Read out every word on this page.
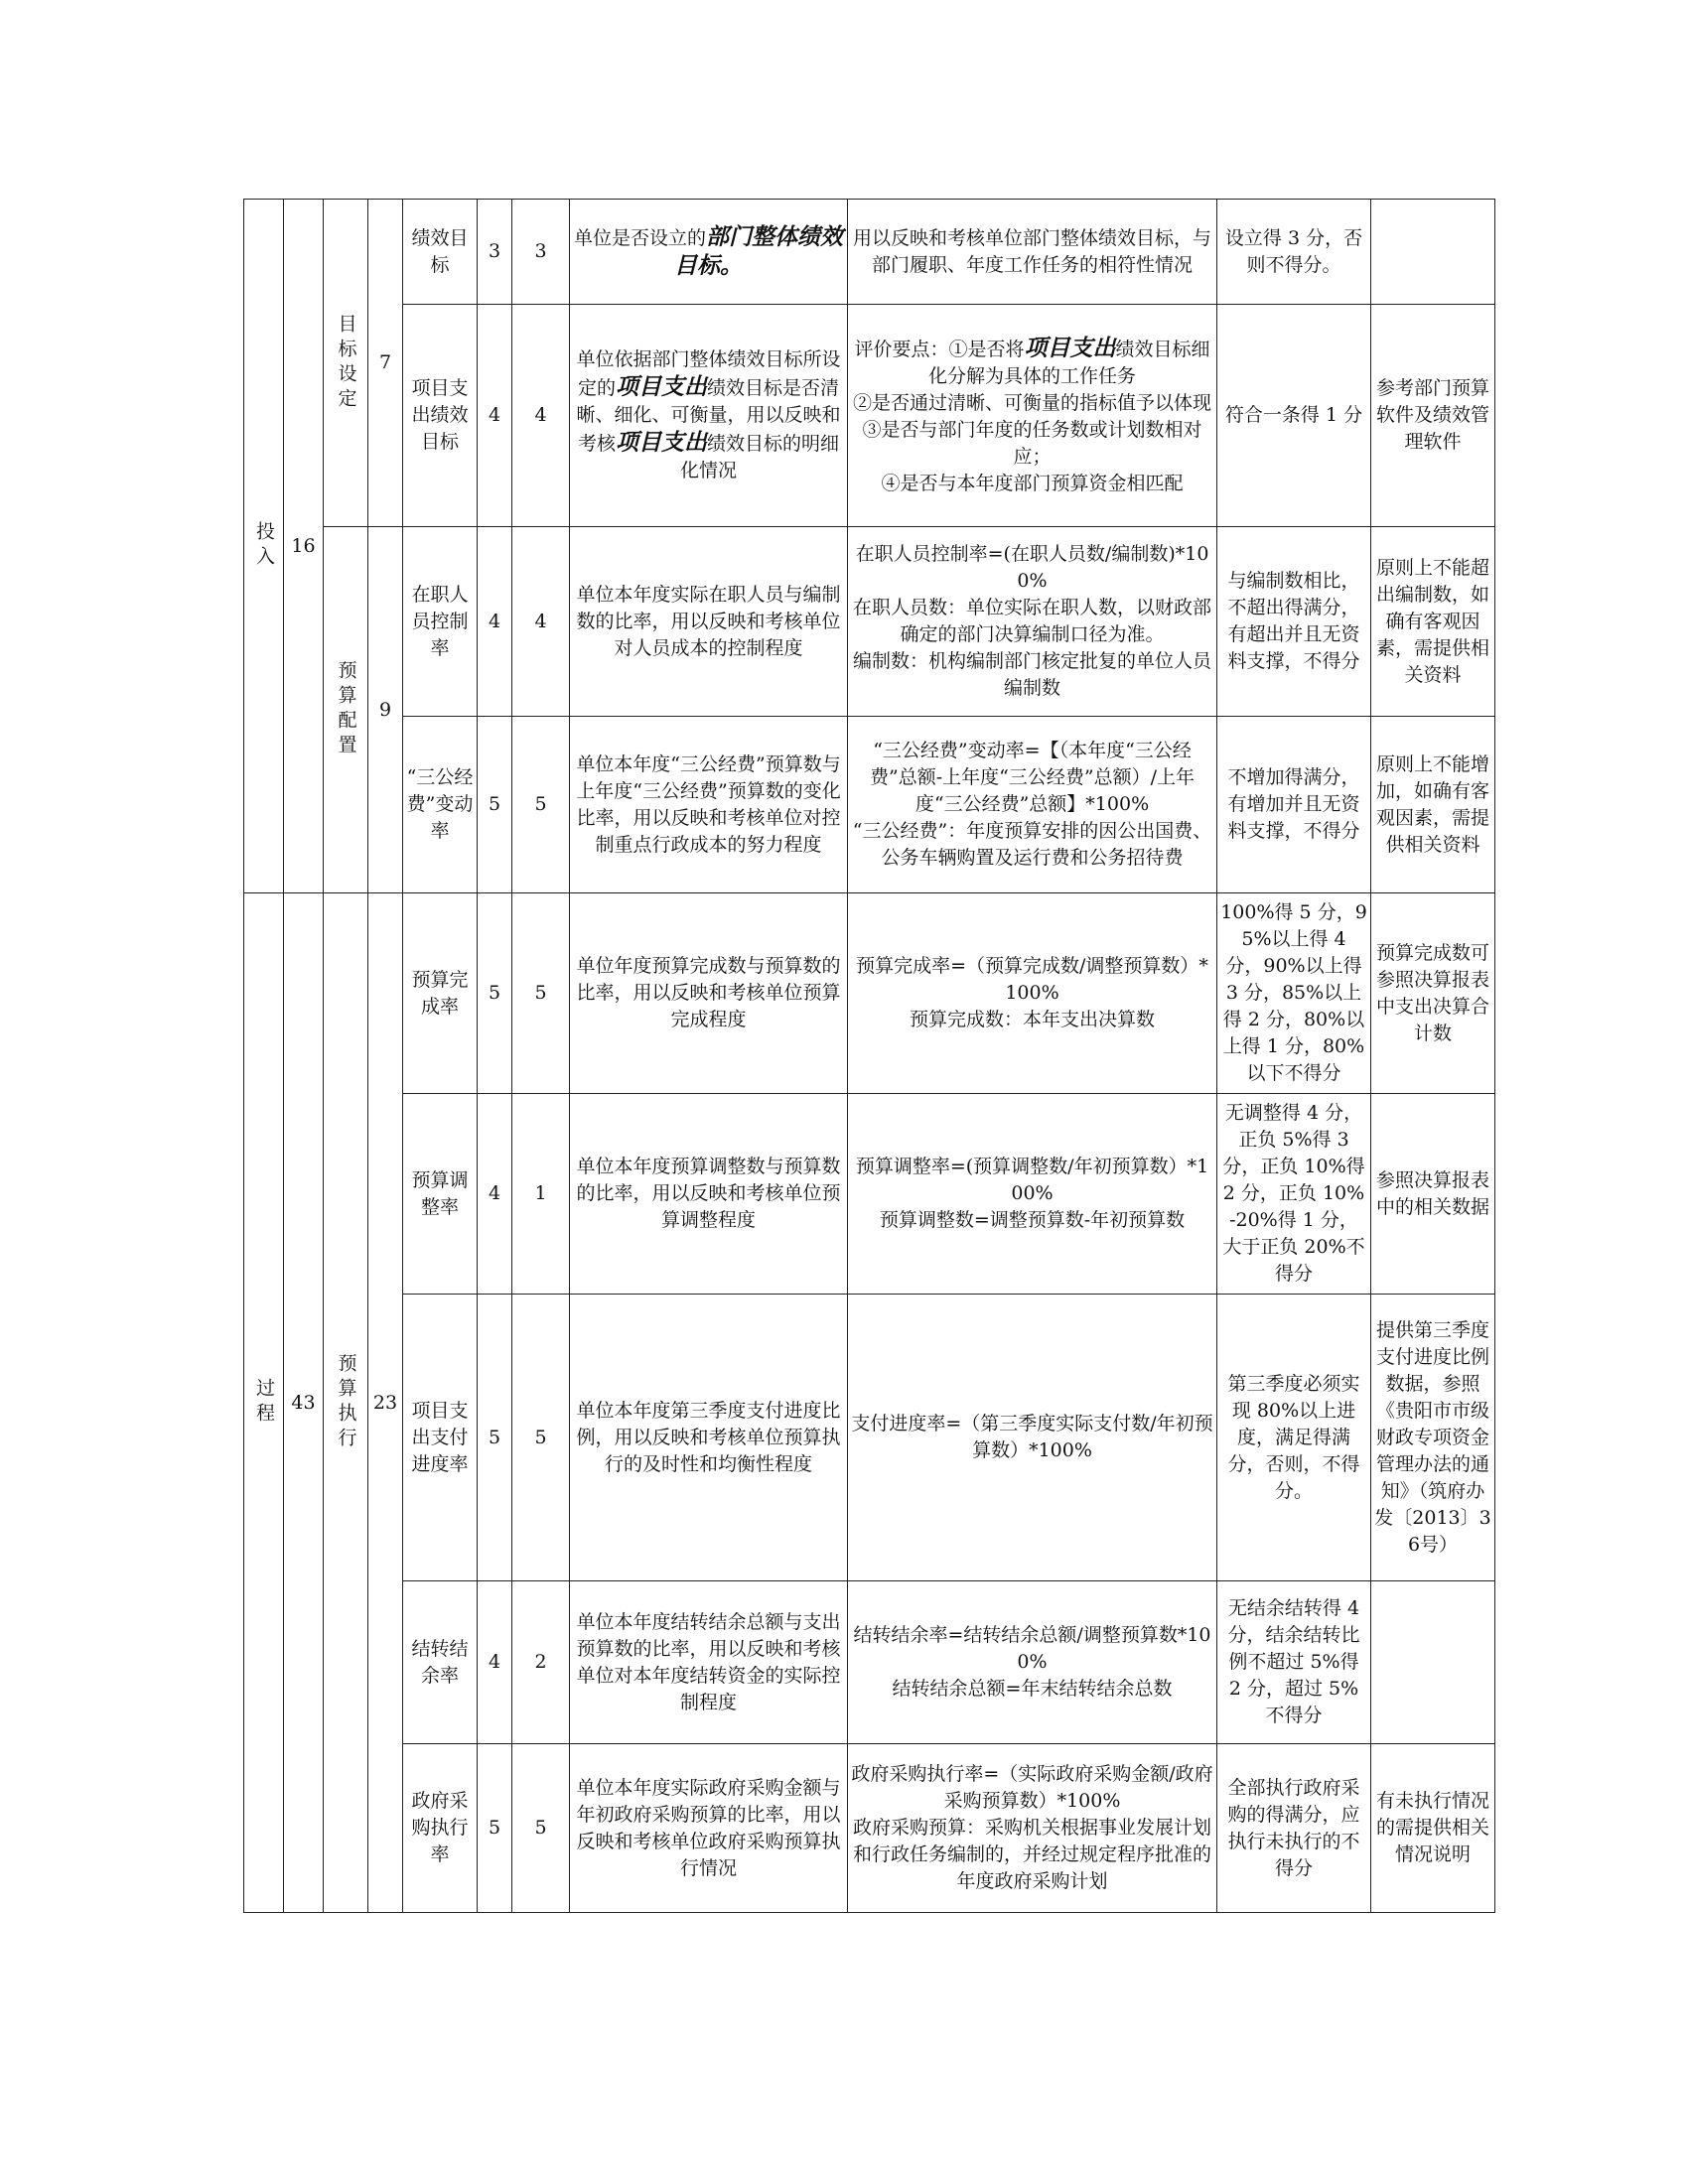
投入	16	目标设定	7	绩效目标	3	3	单位是否设立的部门整体绩效目标。	用以反映和考核单位部门整体绩效目标，与部门履职、年度工作任务的相符性情况	设立得 3 分，否则不得分。	
				项目支出绩效目标	4	4	单位依据部门整体绩效目标所设定的项目支出绩效目标是否清晰、细化、可衡量，用以反映和考核项目支出绩效目标的明细化情况	评价要点：①是否将项目支出绩效目标细化分解为具体的工作任务
②是否通过清晰、可衡量的指标值予以体现
③是否与部门年度的任务数或计划数相对应；
④是否与本年度部门预算资金相匹配	符合一条得 1 分	参考部门预算软件及绩效管理软件
		预算配置	9	在职人员控制率	4	4	单位本年度实际在职人员与编制数的比率，用以反映和考核单位对人员成本的控制程度	在职人员控制率=(在职人员数/编制数)*100%
在职人员数：单位实际在职人数，以财政部确定的部门决算编制口径为准。
编制数：机构编制部门核定批复的单位人员编制数	与编制数相比，不超出得满分，有超出并且无资料支撑，不得分	原则上不能超出编制数，如确有客观因素，需提供相关资料
				“三公经费”变动率	5	5	单位本年度“三公经费”预算数与上年度“三公经费”预算数的变化比率，用以反映和考核单位对控制重点行政成本的努力程度	“三公经费”变动率=【（本年度“三公经费”总额-上年度“三公经费”总额）/上年度“三公经费”总额】*100%
“三公经费”：年度预算安排的因公出国费、公务车辆购置及运行费和公务招待费	不增加得满分，有增加并且无资料支撑，不得分	原则上不能增加，如确有客观因素，需提供相关资料
过程	43	预算执行	23	预算完成率	5	5	单位年度预算完成数与预算数的比率，用以反映和考核单位预算完成程度	预算完成率=（预算完成数/调整预算数）*100%
预算完成数：本年支出决算数	100%得 5 分，95%以上得 4 分，90%以上得 3 分，85%以上得 2 分，80%以上得 1 分，80%以下不得分	预算完成数可参照决算报表中支出决算合计数
				预算调整率	4	1	单位本年度预算调整数与预算数的比率，用以反映和考核单位预算调整程度	预算调整率=(预算调整数/年初预算数）*100%
预算调整数=调整预算数-年初预算数	无调整得 4 分，正负 5%得 3 分，正负 10%得 2 分，正负 10%-20%得 1 分，大于正负 20%不得分	参照决算报表中的相关数据
				项目支出支付进度率	5	5	单位本年度第三季度支付进度比例，用以反映和考核单位预算执行的及时性和均衡性程度	支付进度率=（第三季度实际支付数/年初预算数）*100%	第三季度必须实现 80%以上进度，满足得满分，否则，不得分。	提供第三季度支付进度比例数据，参照《贵阳市市级财政专项资金管理办法的通知》（筑府办发〔2013〕36号）
				结转结余率	4	2	单位本年度结转结余总额与支出预算数的比率，用以反映和考核单位对本年度结转资金的实际控制程度	结转结余率=结转结余总额/调整预算数*100%
结转结余总额=年末结转结余总数	无结余结转得 4 分，结余结转比例不超过 5%得 2 分，超过 5%不得分	
				政府采购执行率	5	5	单位本年度实际政府采购金额与年初政府采购预算的比率，用以反映和考核单位政府采购预算执行情况	政府采购执行率=（实际政府采购金额/政府采购预算数）*100%
政府采购预算：采购机关根据事业发展计划和行政任务编制的，并经过规定程序批准的年度政府采购计划	全部执行政府采购的得满分，应执行未执行的不得分	有未执行情况的需提供相关情况说明
